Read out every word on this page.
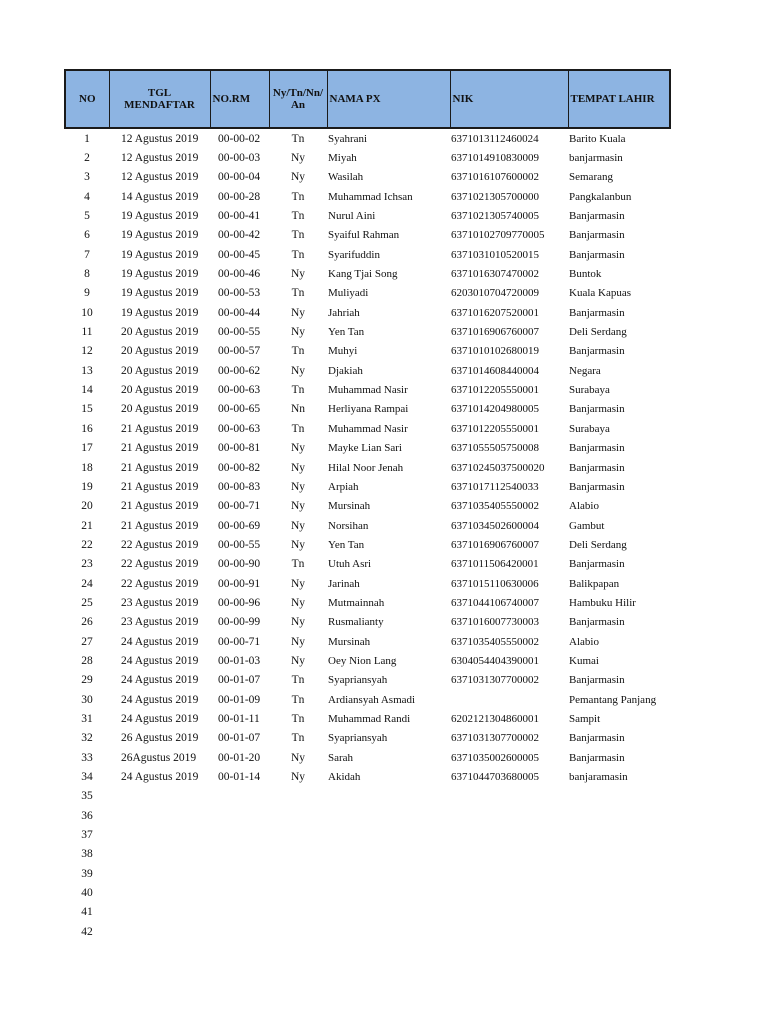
NO	TGL MENDAFTAR	NO.RM	Ny/Tn/Nn/ An	NAMA PX	NIK	TEMPAT LAHIR
1	12 Agustus 2019	00-00-02	Tn	Syahrani	6371013112460024	Barito Kuala
2	12 Agustus 2019	00-00-03	Ny	Miyah	6371014910830009	banjarmasin
3	12 Agustus 2019	00-00-04	Ny	Wasilah	6371016107600002	Semarang
4	14 Agustus 2019	00-00-28	Tn	Muhammad Ichsan	6371021305700000	Pangkalanbun
5	19 Agustus 2019	00-00-41	Tn	Nurul Aini	6371021305740005	Banjarmasin
6	19 Agustus 2019	00-00-42	Tn	Syaiful Rahman	6371010270977000​5	Banjarmasin
7	19 Agustus 2019	00-00-45	Tn	Syarifuddin	6371031010520015	Banjarmasin
8	19 Agustus 2019	00-00-46	Ny	Kang Tjai Song	6371016307470002	Buntok
9	19 Agustus 2019	00-00-53	Tn	Muliyadi	6203010704720009	Kuala Kapuas
10	19 Agustus 2019	00-00-44	Ny	Jahriah	6371016207520001	Banjarmasin
11	20 Agustus 2019	00-00-55	Ny	Yen Tan	6371016906760007	Deli Serdang
12	20 Agustus 2019	00-00-57	Tn	Muhyi	6371010102680019	Banjarmasin
13	20 Agustus 2019	00-00-62	Ny	Djakiah	6371014608440004	Negara
14	20 Agustus 2019	00-00-63	Tn	Muhammad Nasir	6371012205550001	Surabaya
15	20 Agustus 2019	00-00-65	Nn	Herliyana Rampai	6371014204980005	Banjarmasin
16	21 Agustus 2019	00-00-63	Tn	Muhammad Nasir	6371012205550001	Surabaya
17	21 Agustus 2019	00-00-81	Ny	Mayke Lian Sari	6371055505750008	Banjarmasin
18	21 Agustus 2019	00-00-82	Ny	Hilal Noor Jenah	63710245037500020	Banjarmasin
19	21 Agustus 2019	00-00-83	Ny	Arpiah	6371017112540033	Banjarmasin
20	21 Agustus 2019	00-00-71	Ny	Mursinah	6371035405550002	Alabio
21	21 Agustus 2019	00-00-69	Ny	Norsihan	6371034502600004	Gambut
22	22 Agustus 2019	00-00-55	Ny	Yen Tan	6371016906760007	Deli Serdang
23	22 Agustus 2019	00-00-90	Tn	Utuh Asri	6371011506420001	Banjarmasin
24	22 Agustus 2019	00-00-91	Ny	Jarinah	6371015110630006	Balikpapan
25	23 Agustus 2019	00-00-96	Ny	Mutmainnah	6371044106740007	Hambuku Hilir
26	23 Agustus 2019	00-00-99	Ny	Rusmalianty	6371016007730003	Banjarmasin
27	24 Agustus 2019	00-00-71	Ny	Mursinah	6371035405550002	Alabio
28	24 Agustus 2019	00-01-03	Ny	Oey Nion Lang	6304054404390001	Kumai
29	24 Agustus 2019	00-01-07	Tn	Syapriansyah	6371031307700002	Banjarmasin
30	24 Agustus 2019	00-01-09	Tn	Ardiansyah Asmadi		Pemantang Panjang
31	24 Agustus 2019	00-01-11	Tn	Muhammad Randi	6202121304860001	Sampit
32	26 Agustus 2019	00-01-07	Tn	Syapriansyah	6371031307700002	Banjarmasin
33	26Agustus 2019	00-01-20	Ny	Sarah	6371035002600005	Banjarmasin
34	24 Agustus 2019	00-01-14	Ny	Akidah	6371044703680005	banjaramasin
35						
36						
37						
38						
39						
40						
41						
42						
